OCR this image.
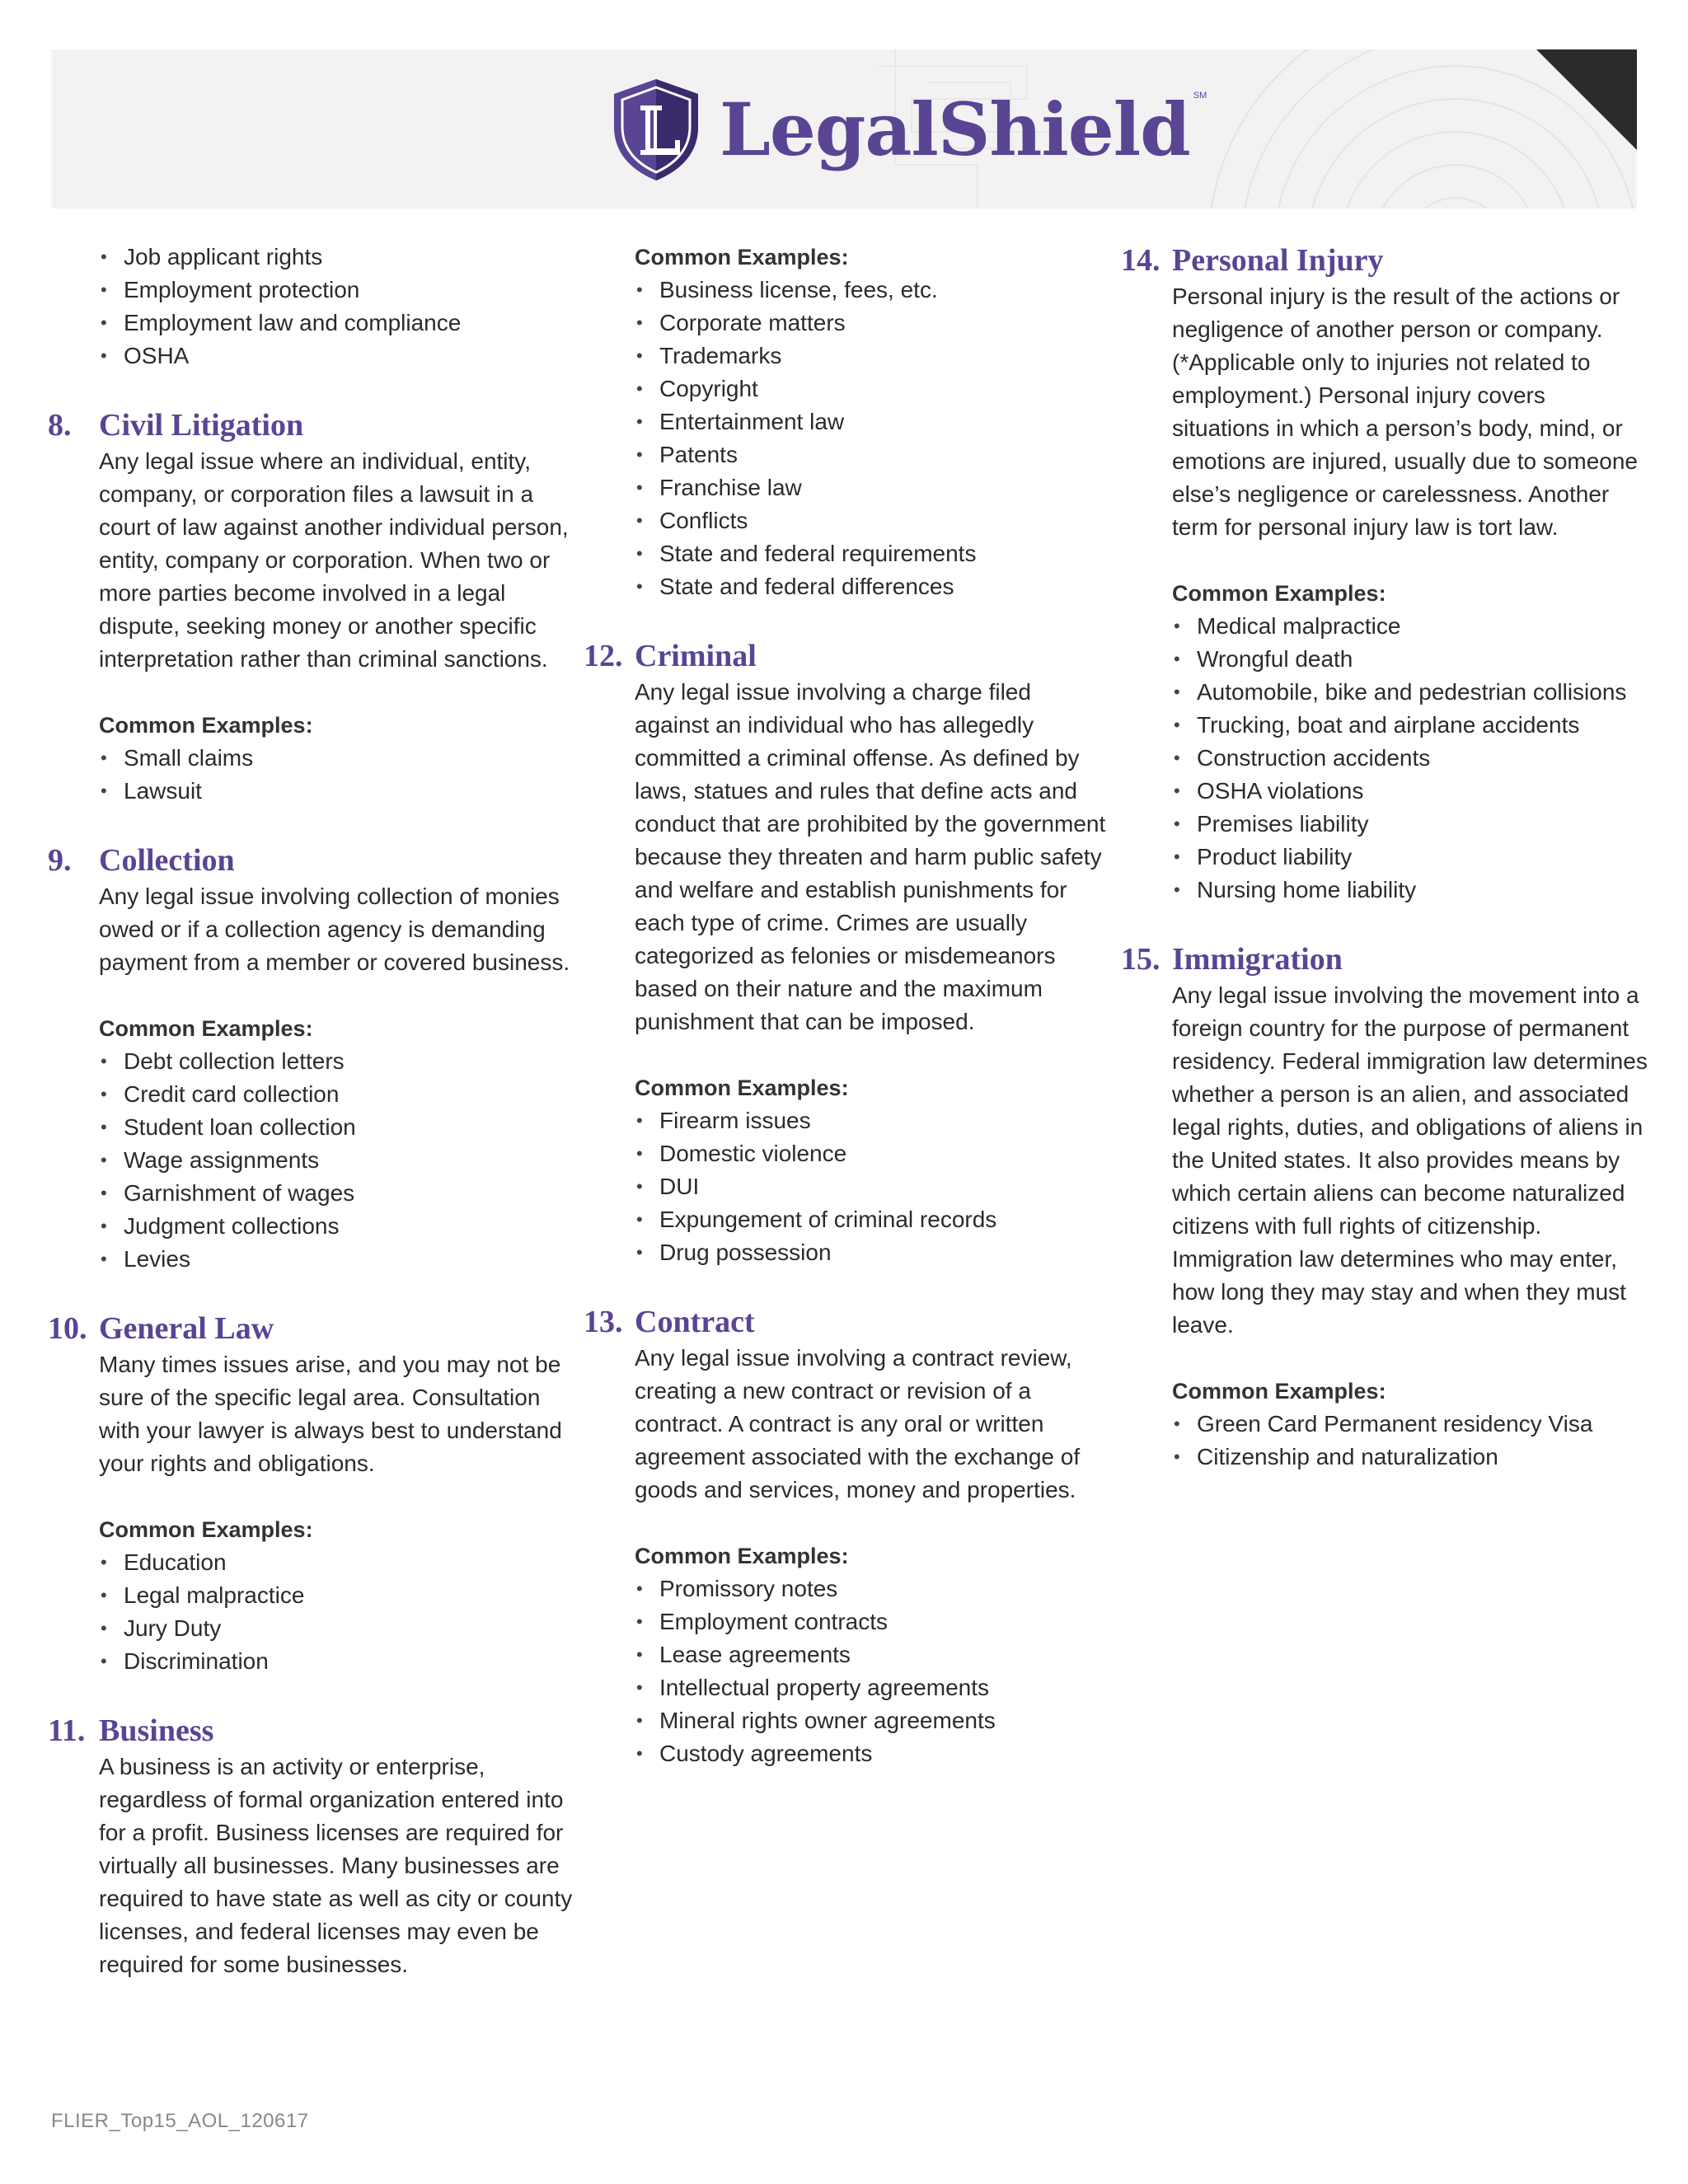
LegalShield SM
• Job applicant rights
• Employment protection
• Employment law and compliance
• OSHA
8. Civil Litigation

Any legal issue where an individual, entity, company, or corporation files a lawsuit in a court of law against another individual person, entity, company or corporation. When two or more parties become involved in a legal dispute, seeking money or another specific interpretation rather than criminal sanctions.

Common Examples:
• Small claims
• Lawsuit
9. Collection

Any legal issue involving collection of monies owed or if a collection agency is demanding payment from a member or covered business.

Common Examples:
• Debt collection letters
• Credit card collection
• Student loan collection
• Wage assignments
• Garnishment of wages
• Judgment collections
• Levies
10. General Law

Many times issues arise, and you may not be sure of the specific legal area. Consultation with your lawyer is always best to understand your rights and obligations.

Common Examples:
• Education
• Legal malpractice
• Jury Duty
• Discrimination
11. Business

A business is an activity or enterprise, regardless of formal organization entered into for a profit. Business licenses are required for virtually all businesses. Many businesses are required to have state as well as city or county licenses, and federal licenses may even be required for some businesses.

Common Examples:
• Business license, fees, etc.
• Corporate matters
• Trademarks
• Copyright
• Entertainment law
• Patents
• Franchise law
• Conflicts
• State and federal requirements
• State and federal differences
12. Criminal

Any legal issue involving a charge filed against an individual who has allegedly committed a criminal offense. As defined by laws, statues and rules that define acts and conduct that are prohibited by the government because they threaten and harm public safety and welfare and establish punishments for each type of crime. Crimes are usually categorized as felonies or misdemeanors based on their nature and the maximum punishment that can be imposed.

Common Examples:
• Firearm issues
• Domestic violence
• DUI
• Expungement of criminal records
• Drug possession
13. Contract

Any legal issue involving a contract review, creating a new contract or revision of a contract. A contract is any oral or written agreement associated with the exchange of goods and services, money and properties.

Common Examples:
• Promissory notes
• Employment contracts
• Lease agreements
• Intellectual property agreements
• Mineral rights owner agreements
• Custody agreements
14. Personal Injury

Personal injury is the result of the actions or negligence of another person or company. (*Applicable only to injuries not related to employment.) Personal injury covers situations in which a person’s body, mind, or emotions are injured, usually due to someone else’s negligence or carelessness. Another term for personal injury law is tort law.

Common Examples:
• Medical malpractice
• Wrongful death
• Automobile, bike and pedestrian collisions
• Trucking, boat and airplane accidents
• Construction accidents
• OSHA violations
• Premises liability
• Product liability
• Nursing home liability
15. Immigration

Any legal issue involving the movement into a foreign country for the purpose of permanent residency. Federal immigration law determines whether a person is an alien, and associated legal rights, duties, and obligations of aliens in the United states. It also provides means by which certain aliens can become naturalized citizens with full rights of citizenship. Immigration law determines who may enter, how long they may stay and when they must leave.

Common Examples:
• Green Card Permanent residency Visa
• Citizenship and naturalization
FLIER_Top15_AOL_120617
